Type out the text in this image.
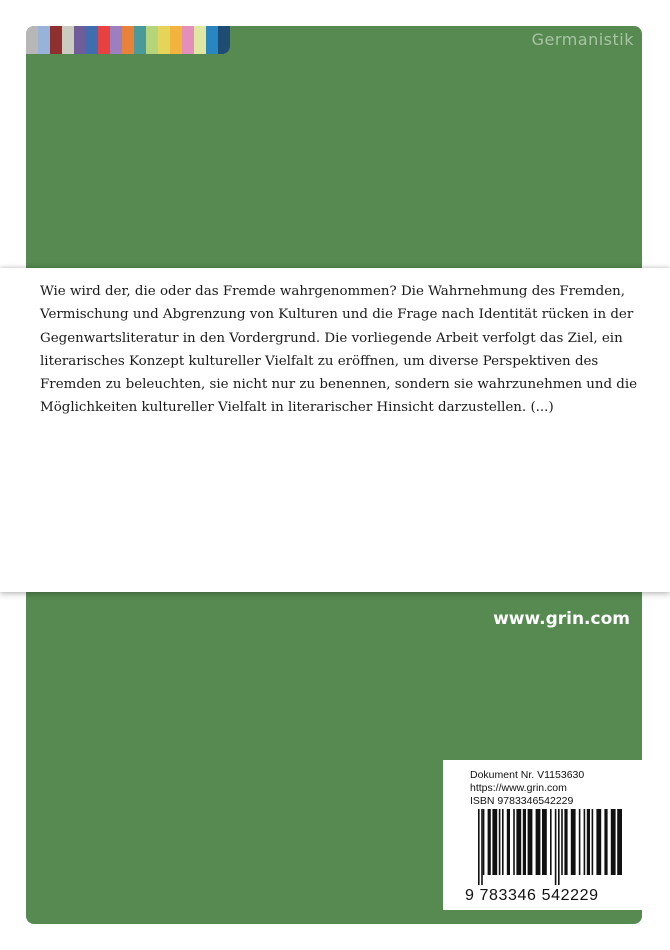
Germanistik

Wie wird der, die oder das Fremde wahrgenommen? Die Wahrnehmung des Fremden, Vermischung und Abgrenzung von Kulturen und die Frage nach Identität rücken in der Gegenwartsliteratur in den Vordergrund. Die vorliegende Arbeit verfolgt das Ziel, ein literarisches Konzept kultureller Vielfalt zu eröffnen, um diverse Perspektiven des Fremden zu beleuchten, sie nicht nur zu benennen, sondern sie wahrzunehmen und die Möglichkeiten kultureller Vielfalt in literarischer Hinsicht darzustellen. (...)

www.grin.com
Dokument Nr. V1153630
https://www.grin.com
ISBN 9783346542229
9 783346 542229
